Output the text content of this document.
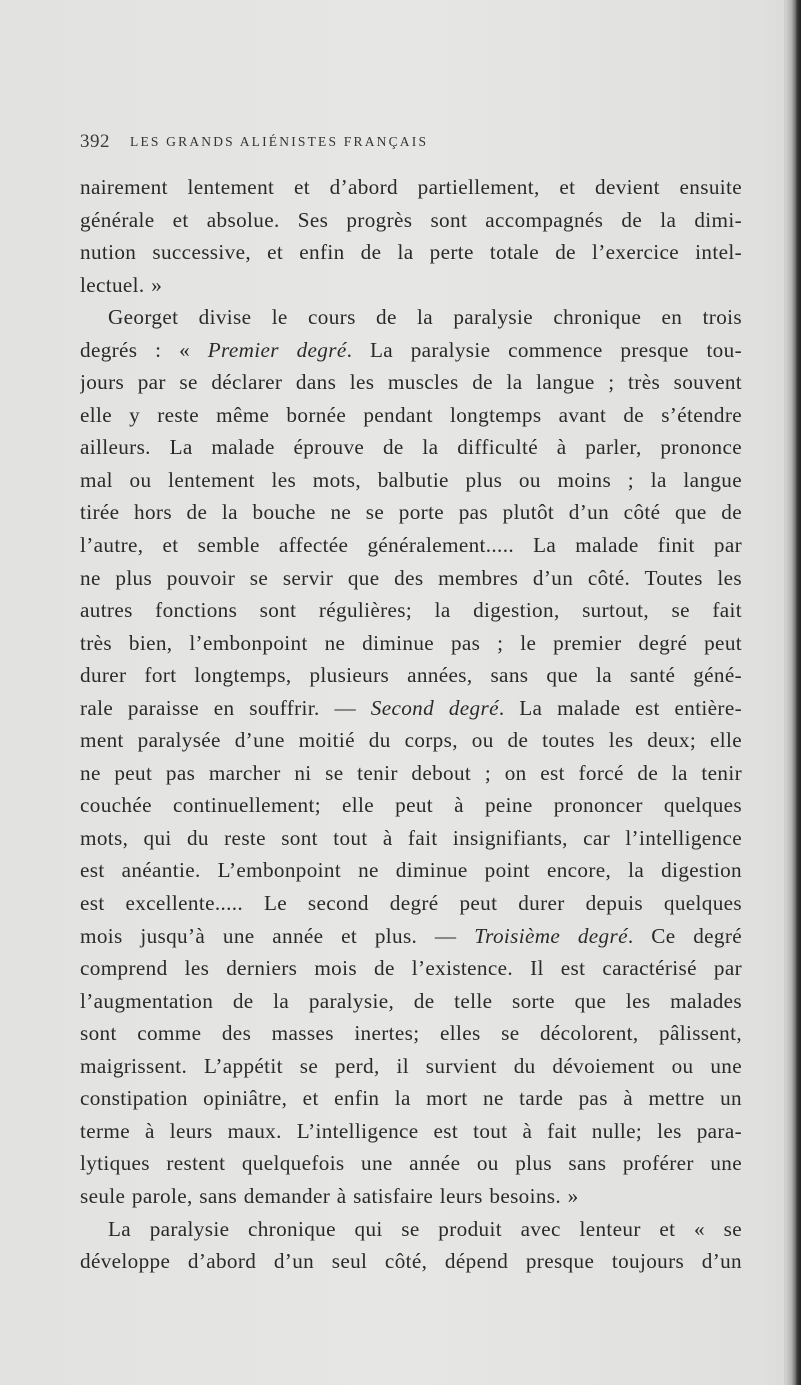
392 LES GRANDS ALIÉNISTES FRANÇAIS
nairement lentement et d’abord partiellement, et devient ensuite
générale et absolue. Ses progrès sont accompagnés de la dimi-
nution successive, et enfin de la perte totale de l’exercice intel-
lectuel. »
Georget divise le cours de la paralysie chronique en trois
degrés : « Premier degré. La paralysie commence presque tou-
jours par se déclarer dans les muscles de la langue ; très souvent
elle y reste même bornée pendant longtemps avant de s’étendre
ailleurs. La malade éprouve de la difficulté à parler, prononce
mal ou lentement les mots, balbutie plus ou moins ; la langue
tirée hors de la bouche ne se porte pas plutôt d’un côté que de
l’autre, et semble affectée généralement..... La malade finit par
ne plus pouvoir se servir que des membres d’un côté. Toutes les
autres fonctions sont régulières; la digestion, surtout, se fait
très bien, l’embonpoint ne diminue pas ; le premier degré peut
durer fort longtemps, plusieurs années, sans que la santé géné-
rale paraisse en souffrir. — Second degré. La malade est entière-
ment paralysée d’une moitié du corps, ou de toutes les deux; elle
ne peut pas marcher ni se tenir debout ; on est forcé de la tenir
couchée continuellement; elle peut à peine prononcer quelques
mots, qui du reste sont tout à fait insignifiants, car l’intelligence
est anéantie. L’embonpoint ne diminue point encore, la digestion
est excellente..... Le second degré peut durer depuis quelques
mois jusqu’à une année et plus. — Troisième degré. Ce degré
comprend les derniers mois de l’existence. Il est caractérisé par
l’augmentation de la paralysie, de telle sorte que les malades
sont comme des masses inertes; elles se décolorent, pâlissent,
maigrissent. L’appétit se perd, il survient du dévoiement ou une
constipation opiniâtre, et enfin la mort ne tarde pas à mettre un
terme à leurs maux. L’intelligence est tout à fait nulle; les para-
lytiques restent quelquefois une année ou plus sans proférer une
seule parole, sans demander à satisfaire leurs besoins. »
La paralysie chronique qui se produit avec lenteur et « se
développe d’abord d’un seul côté, dépend presque toujours d’un
